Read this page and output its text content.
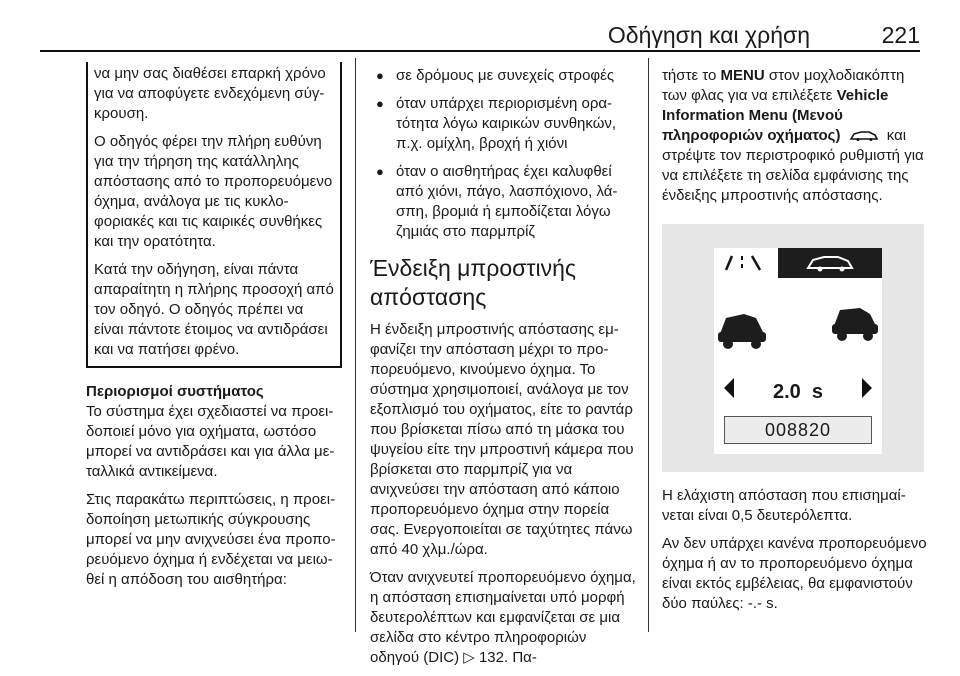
Οδήγηση και χρήση	221

να μην σας διαθέσει επαρκή χρόνο για να αποφύγετε ενδεχόμενη σύγκρουση.

Ο οδηγός φέρει την πλήρη ευθύνη για την τήρηση της κατάλληλης απόστασης από το προπορευόμενο όχημα, ανάλογα με τις κυκλοφοριακές και τις καιρικές συνθήκες και την ορατότητα.

Κατά την οδήγηση, είναι πάντα απαραίτητη η πλήρης προσοχή από τον οδηγό. Ο οδηγός πρέπει να είναι πάντοτε έτοιμος να αντιδράσει και να πατήσει φρένο.

Περιορισμοί συστήματος

Το σύστημα έχει σχεδιαστεί να προειδοποιεί μόνο για οχήματα, ωστόσο μπορεί να αντιδράσει και για άλλα μεταλλικά αντικείμενα.

Στις παρακάτω περιπτώσεις, η προειδοποίηση μετωπικής σύγκρουσης μπορεί να μην ανιχνεύσει ένα προπορευόμενο όχημα ή ενδέχεται να μειωθεί η απόδοση του αισθητήρα:

● σε δρόμους με συνεχείς στροφές
● όταν υπάρχει περιορισμένη ορατότητα λόγω καιρικών συνθηκών, π.χ. ομίχλη, βροχή ή χιόνι
● όταν ο αισθητήρας έχει καλυφθεί από χιόνι, πάγο, λασπόχιονο, λάσπη, βρομιά ή εμποδίζεται λόγω ζημιάς στο παρμπρίζ
Ένδειξη μπροστινής απόστασης

Η ένδειξη μπροστινής απόστασης εμφανίζει την απόσταση μέχρι το προπορευόμενο, κινούμενο όχημα. Το σύστημα χρησιμοποιεί, ανάλογα με τον εξοπλισμό του οχήματος, είτε το ραντάρ που βρίσκεται πίσω από τη μάσκα του ψυγείου είτε την μπροστινή κάμερα που βρίσκεται στο παρμπρίζ για να ανιχνεύσει την απόσταση από κάποιο προπορευόμενο όχημα στην πορεία σας. Ενεργοποιείται σε ταχύτητες πάνω από 40 χλμ./ώρα.

Όταν ανιχνευτεί προπορευόμενο όχημα, η απόσταση επισημαίνεται υπό μορφή δευτερολέπτων και εμφανίζεται σε μια σελίδα στο κέντρο πληροφοριών οδηγού (DIC) ▷ 132. Πα-

τήστε το MENU στον μοχλοδιακόπτη των φλας για να επιλέξετε Vehicle Information Menu (Μενού πληροφοριών οχήματος)	και στρέψτε τον περιστροφικό ρυθμιστή για να επιλέξετε τη σελίδα εμφάνισης της ένδειξης μπροστινής απόστασης.

2.0 s
008820

Η ελάχιστη απόσταση που επισημαίνεται είναι 0,5 δευτερόλεπτα.

Αν δεν υπάρχει κανένα προπορευόμενο όχημα ή αν το προπορευόμενο όχημα είναι εκτός εμβέλειας, θα εμφανιστούν δύο παύλες: -.- s.
